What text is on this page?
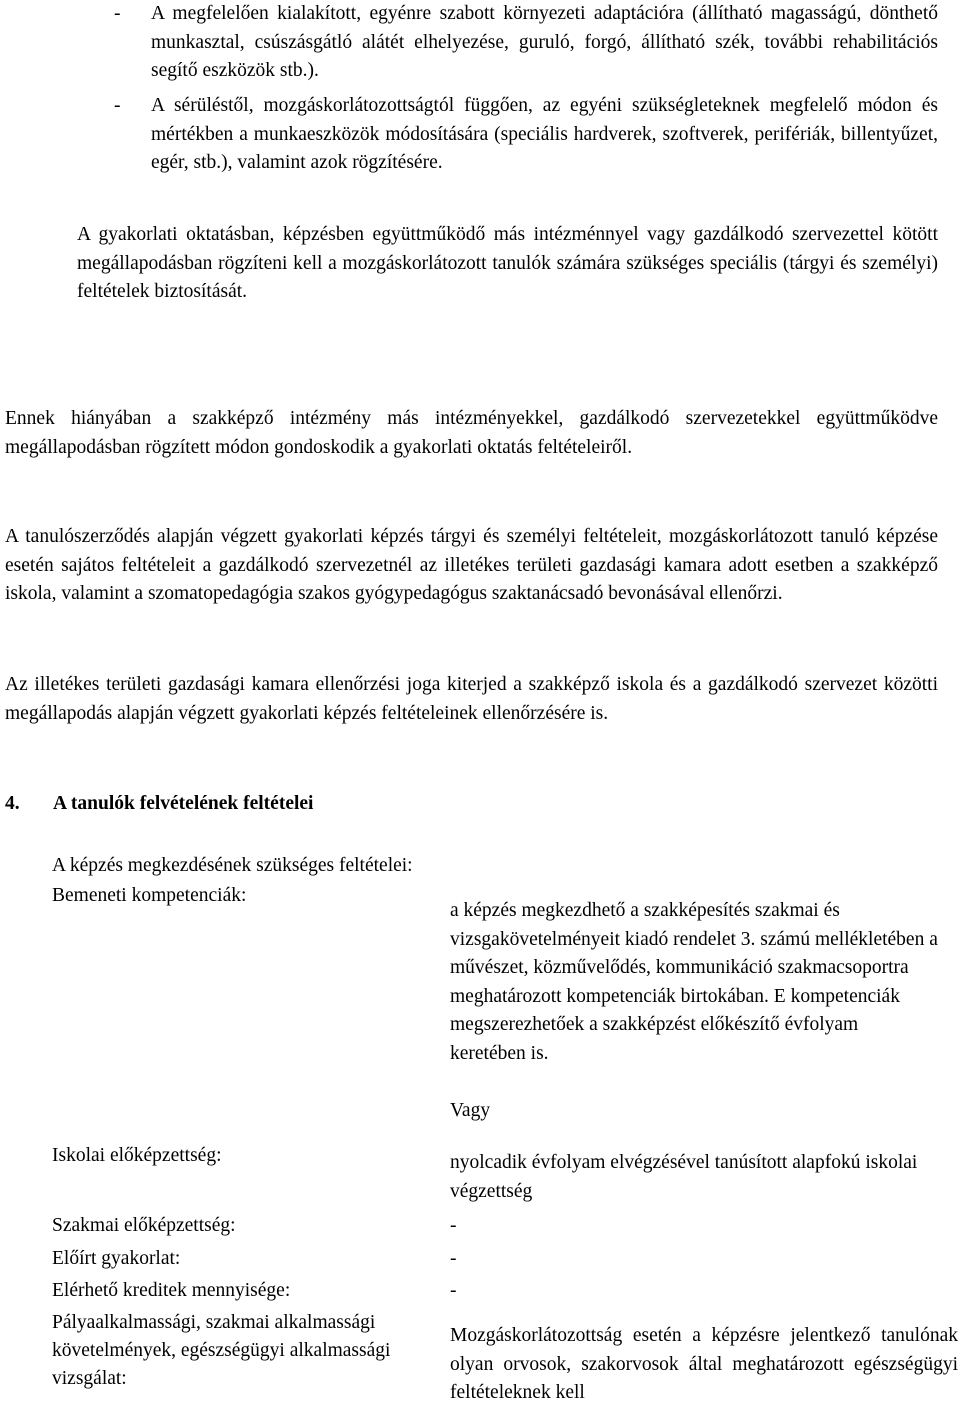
- A megfelelően kialakított, egyénre szabott környezeti adaptációra (állítható magasságú, dönthető munkasztal, csúszásgátló alátét elhelyezése, guruló, forgó, állítható szék, további rehabilitációs segítő eszközök stb.).
- A sérüléstől, mozgáskorlátozottságtól függően, az egyéni szükségleteknek megfelelő módon és mértékben a munkaeszközök módosítására (speciális hardverek, szoftverek, perifériák, billentyűzet, egér, stb.), valamint azok rögzítésére.
A gyakorlati oktatásban, képzésben együttműködő más intézménnyel vagy gazdálkodó szervezettel kötött megállapodásban rögzíteni kell a mozgáskorlátozott tanulók számára szükséges speciális (tárgyi és személyi) feltételek biztosítását.
Ennek hiányában a szakképző intézmény más intézményekkel, gazdálkodó szervezetekkel együttműködve megállapodásban rögzített módon gondoskodik a gyakorlati oktatás feltételeiről.
A tanulószerződés alapján végzett gyakorlati képzés tárgyi és személyi feltételeit, mozgáskorlátozott tanuló képzése esetén sajátos feltételeit a gazdálkodó szervezetnél az illetékes területi gazdasági kamara adott esetben a szakképző iskola, valamint a szomatopedagógia szakos gyógypedagógus szaktanácsadó bevonásával ellenőrzi.
Az illetékes területi gazdasági kamara ellenőrzési joga kiterjed a szakképző iskola és a gazdálkodó szervezet közötti megállapodás alapján végzett gyakorlati képzés feltételeinek ellenőrzésére is.
4. A tanulók felvételének feltételei
A képzés megkezdésének szükséges feltételei:
Bemeneti kompetenciák:
a képzés megkezdhető a szakképesítés szakmai és vizsgakövetelményeit kiadó rendelet 3. számú mellékletében a művészet, közművelődés, kommunikáció szakmacsoportra meghatározott kompetenciák birtokában. E kompetenciák megszerezhetőek a szakképzést előkészítő évfolyam keretében is.
Vagy
Iskolai előképzettség:	nyolcadik évfolyam elvégzésével tanúsított alapfokú iskolai végzettség
Szakmai előképzettség:	-
Előírt gyakorlat:	-
Elérhető kreditek mennyisége:	-
Pályaalkalmassági, szakmai alkalmassági követelmények, egészségügyi alkalmassági vizsgálat:
Mozgáskorlátozottság esetén a képzésre jelentkező tanulónak olyan orvosok, szakorvosok által meghatározott egészségügyi feltételeknek kell
